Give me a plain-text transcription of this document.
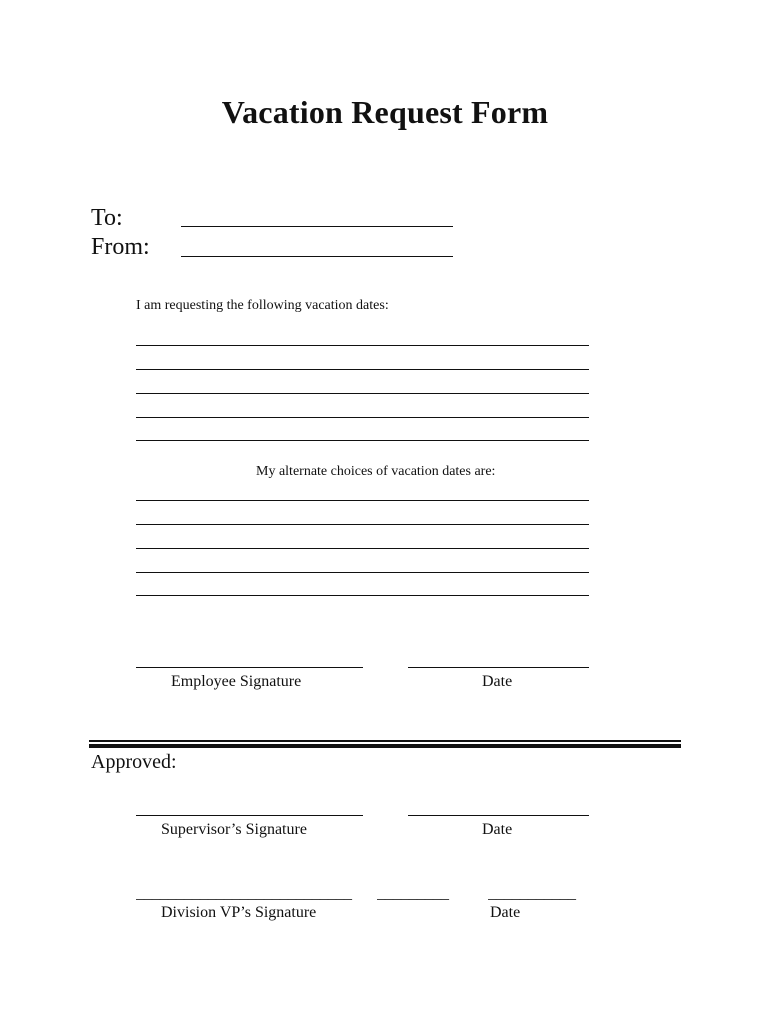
Vacation Request Form
To:
From:
I am requesting the following vacation dates:
My alternate choices of vacation dates are:
Employee Signature	Date
Approved:
Supervisor’s Signature	Date
___________________________	_________	___________
Division VP’s Signature	Date
